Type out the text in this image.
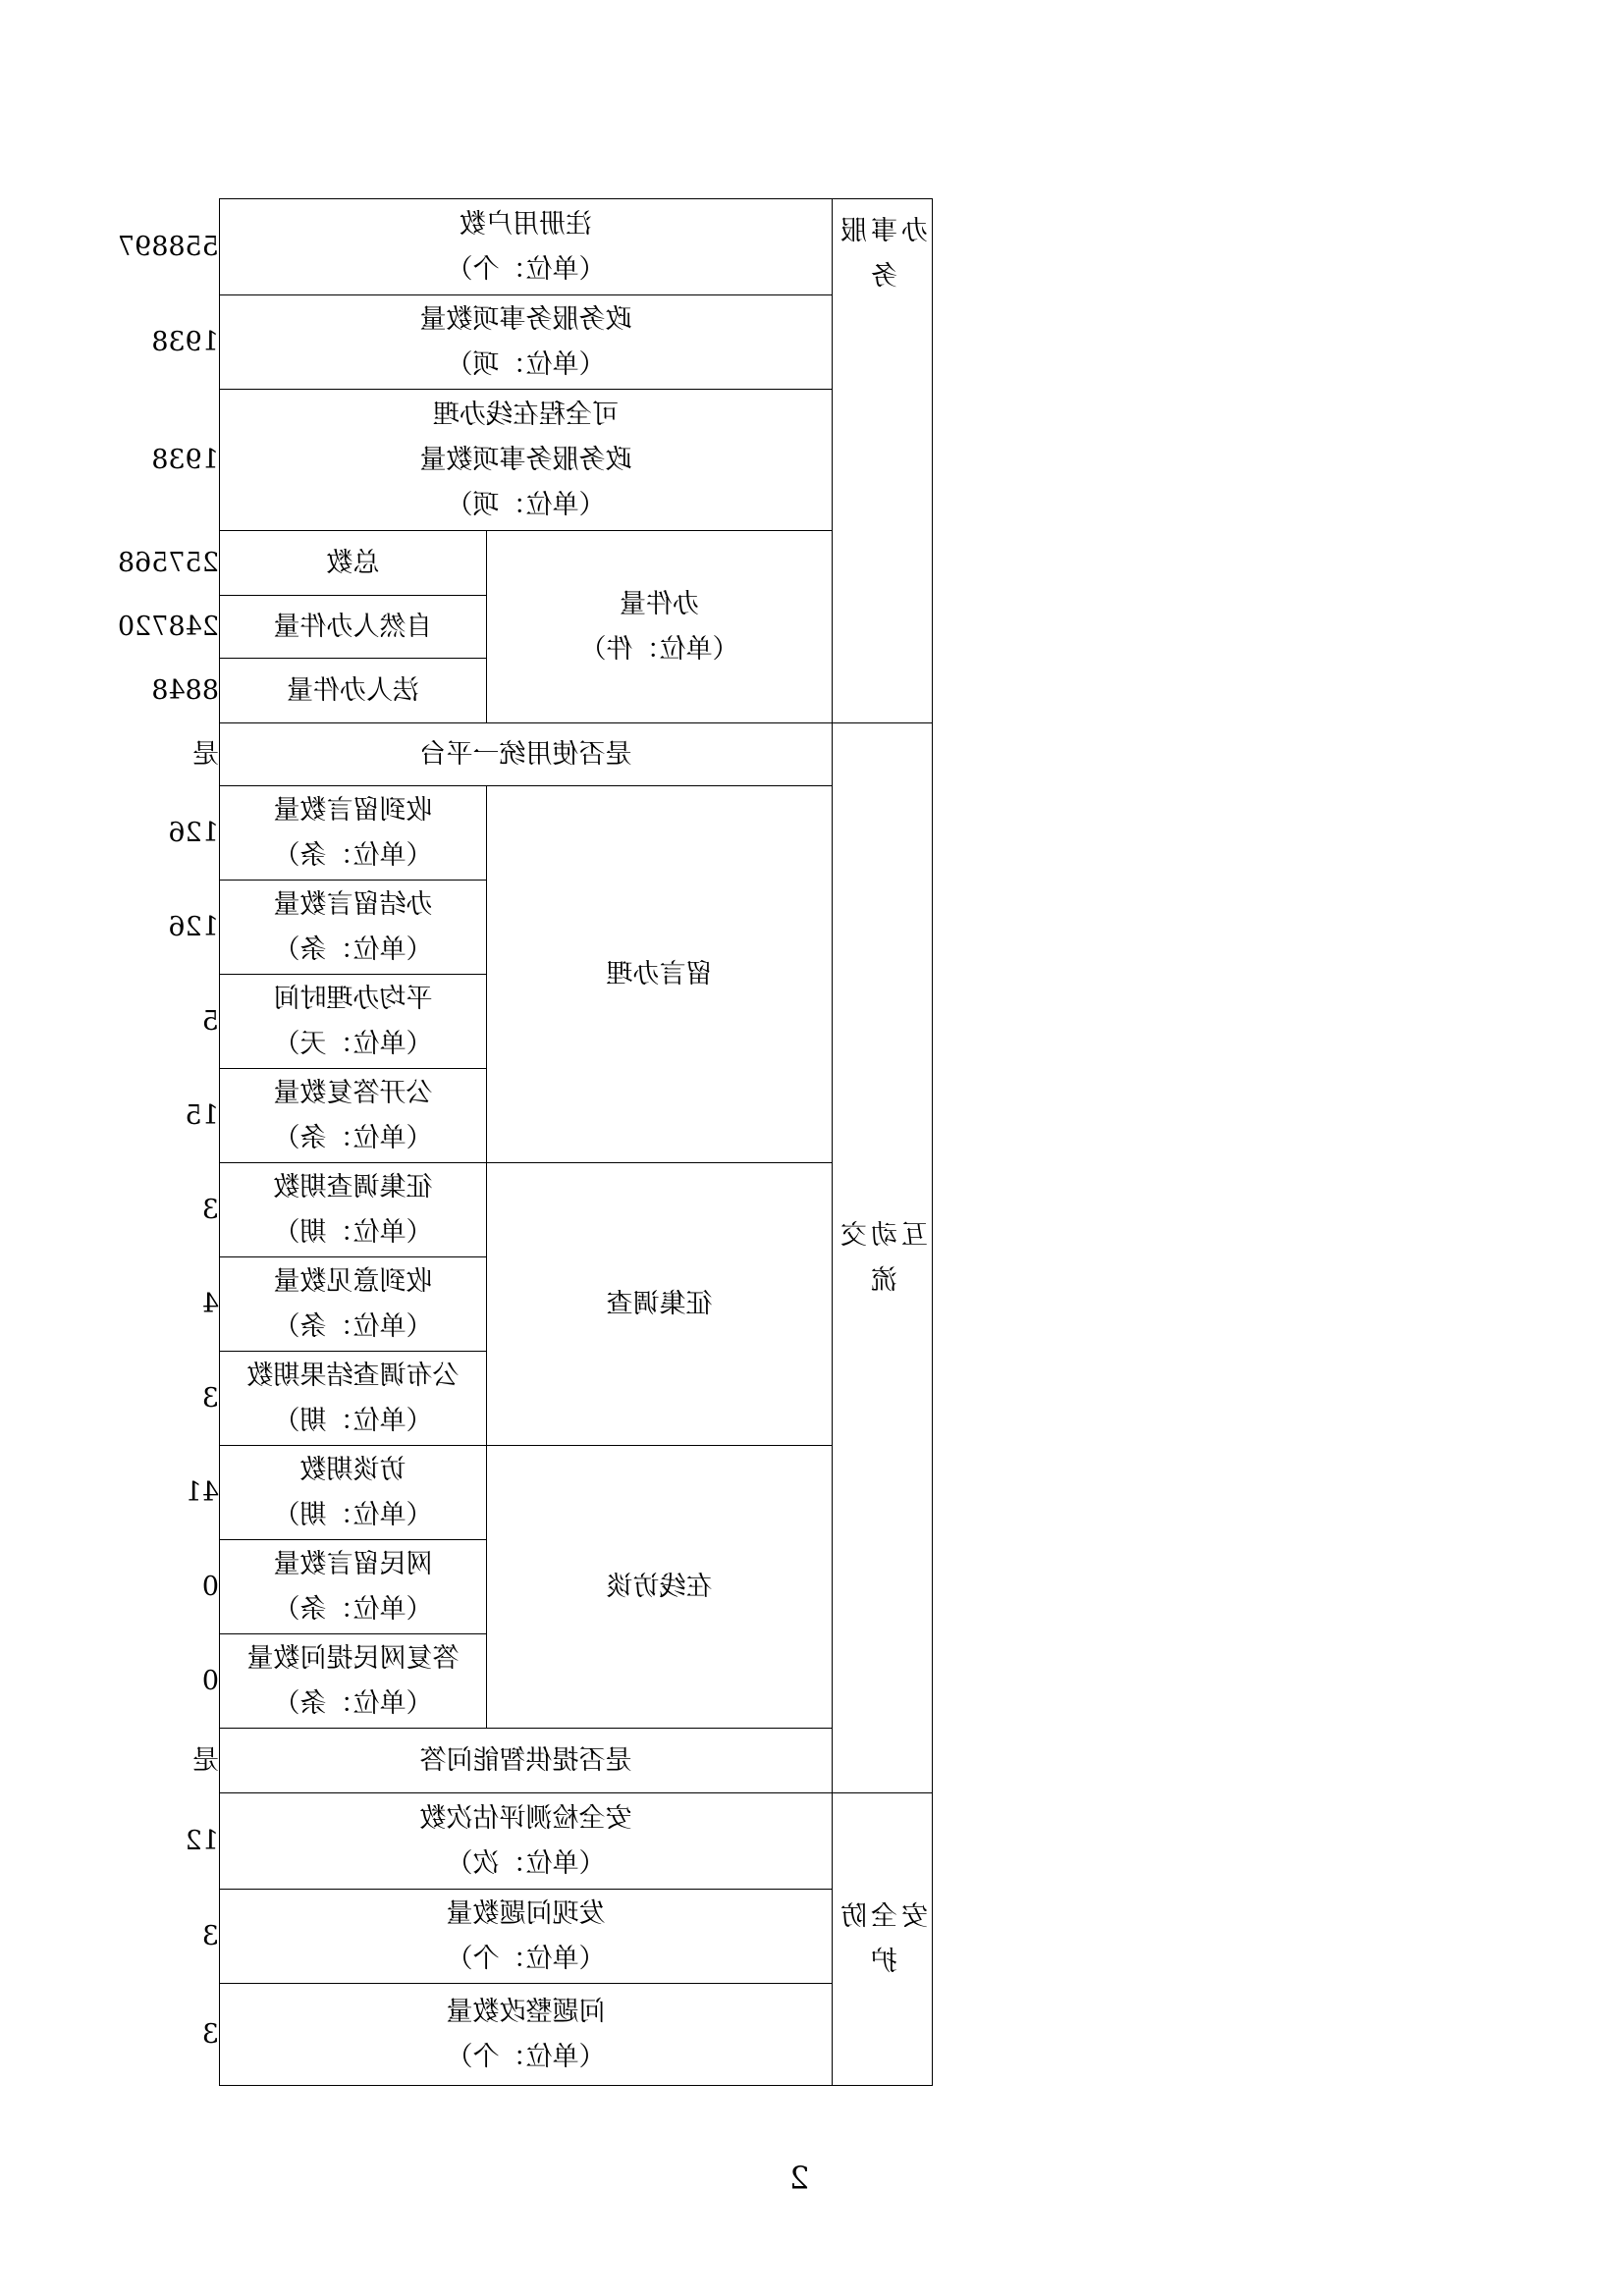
办事服务	注册用户数
（单位：个）		558897

	政务服务事项数量
（单位：项）		1938

	可全程在线办理
政务服务事项数量
（单位：项）		1938

	办件量
（单位：件）	总数	257568
		自然人办件量	248720
		法人办件量	8848
互动交流	是否使用统一平台		是
	留言办理	收到留言数量
（单位：条）	126

		办结留言数量
（单位：条）	126

		平均办理时间
（单位：天）	5

		公开答复数量
（单位：条）	15
	征集调查	征集调查期数
（单位：期）	3

		收到意见数量
（单位：条）	4

		公布调查结果期数
（单位：期）	3
	在线访谈	访谈期数
（单位：期）	41

		网民留言数量
（单位：条）	0

		答复网民提问数量
（单位：条）	0
	是否提供智能问答		是
安全防护	安全检测评估次数
（单位：次）		12

	发现问题数量
（单位：个）		3

	问题整改数量
（单位：个）		3
2
